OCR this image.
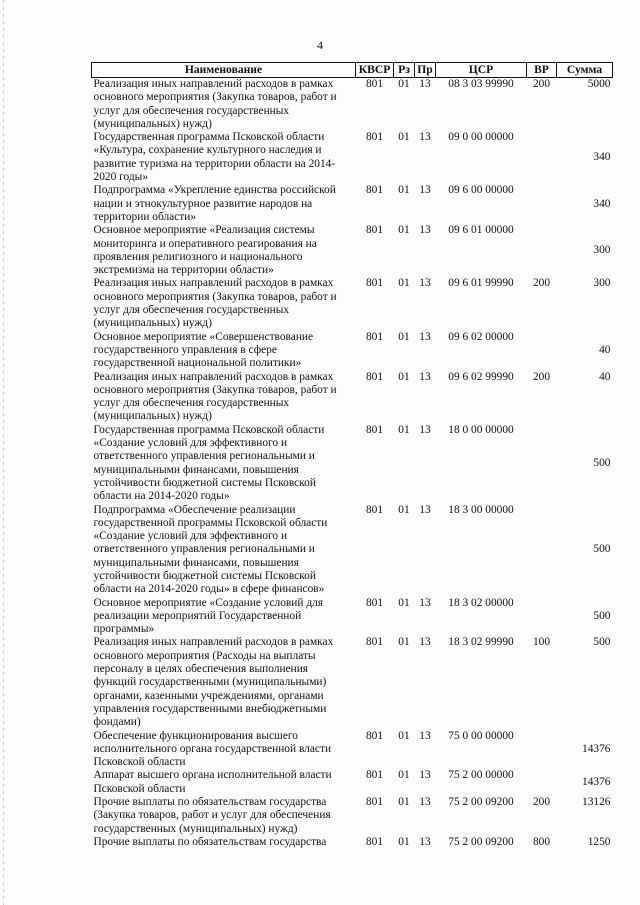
4
Наименование	КВСР	Рз	Пр	ЦСР	ВР	Сумма
Реализация иных направлений расходов в рамках основного мероприятия (Закупка товаров, работ и услуг для обеспечения государственных (муниципальных) нужд)	801	01	13	08 3 03 99990	200	5000
Государственная программа Псковской области «Культура, сохранение культурного наследия и развитие туризма на территории области на 2014-2020 годы»	801	01	13	09 0 00 00000		340
Подпрограмма «Укрепление единства российской нации и этнокультурное развитие народов на территории области»	801	01	13	09 6 00 00000		340
Основное мероприятие «Реализация системы мониторинга и оперативного реагирования на проявления религиозного и национального экстремизма на территории области»	801	01	13	09 6 01 00000		300
Реализация иных направлений расходов в рамках основного мероприятия (Закупка товаров, работ и услуг для обеспечения государственных (муниципальных) нужд)	801	01	13	09 6 01 99990	200	300
Основное мероприятие «Совершенствование государственного управления в сфере государственной национальной политики»	801	01	13	09 6 02 00000		40
Реализация иных направлений расходов в рамках основного мероприятия (Закупка товаров, работ и услуг для обеспечения государственных (муниципальных) нужд)	801	01	13	09 6 02 99990	200	40
Государственная программа Псковской области «Создание условий для эффективного и ответственного управления региональными и муниципальными финансами, повышения устойчивости бюджетной системы Псковской области на 2014-2020 годы»	801	01	13	18 0 00 00000		500
Подпрограмма «Обеспечение реализации государственной программы Псковской области «Создание условий для эффективного и ответственного управления региональными и муниципальными финансами, повышения устойчивости бюджетной системы Псковской области на 2014-2020 годы» в сфере финансов»	801	01	13	18 3 00 00000		500
Основное мероприятие «Создание условий для реализации мероприятий Государственной программы»	801	01	13	18 3 02 00000		500
Реализация иных направлений расходов в рамках основного мероприятия (Расходы на выплаты персоналу в целях обеспечения выполнения функций государственными (муниципальными) органами, казенными учреждениями, органами управления государственными внебюджетными фондами)	801	01	13	18 3 02 99990	100	500
Обеспечение функционирования высшего исполнительного органа государственной власти Псковской области	801	01	13	75 0 00 00000		14376
Аппарат высшего органа исполнительной власти Псковской области	801	01	13	75 2 00 00000		14376
Прочие выплаты по обязательствам государства (Закупка товаров, работ и услуг для обеспечения государственных (муниципальных) нужд)	801	01	13	75 2 00 09200	200	13126
Прочие выплаты по обязательствам государства	801	01	13	75 2 00 09200	800	1250
